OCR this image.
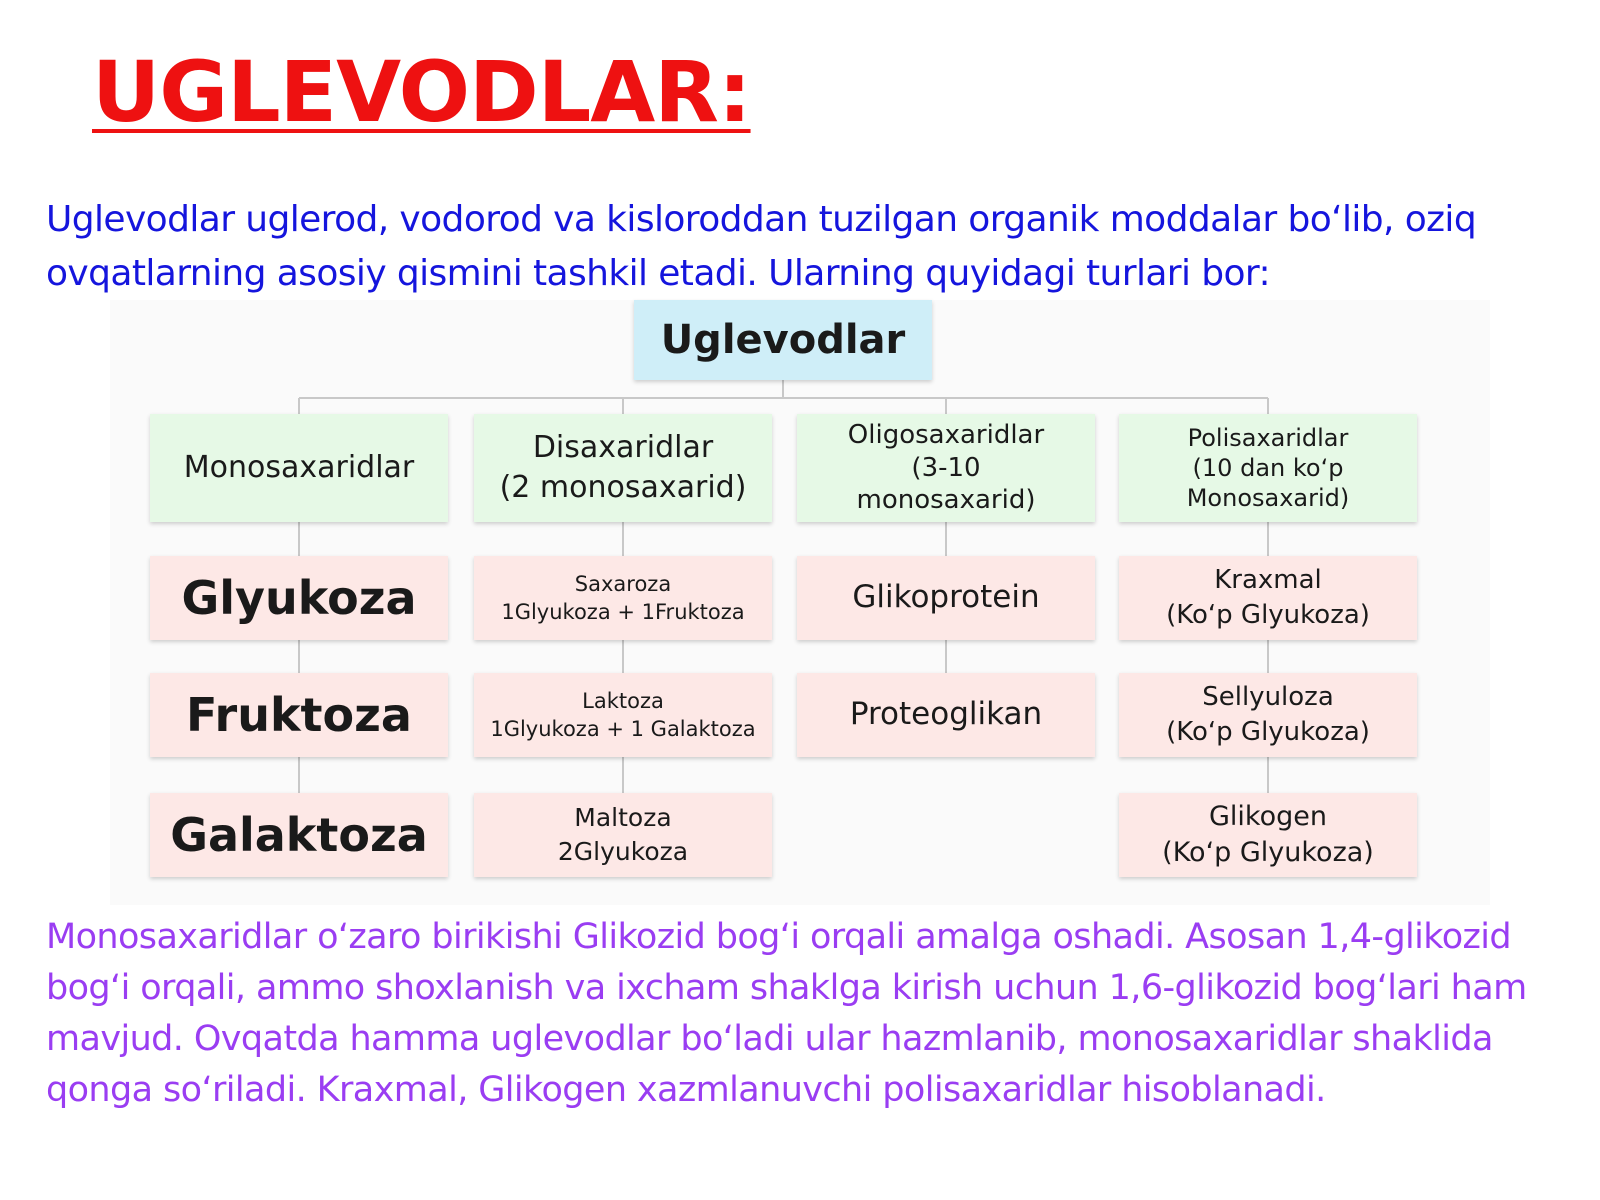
UGLEVODLAR:
Uglevodlar uglerod, vodorod va kisloroddan tuzilgan organik moddalar bo‘lib, oziq ovqatlarning asosiy qismini tashkil etadi. Ularning quyidagi turlari bor:
Uglevodlar
Monosaxaridlar
Disaxaridlar
(2 monosaxarid)
Oligosaxaridlar
(3-10
monosaxarid)
Polisaxaridlar
(10 dan ko‘p
Monosaxarid)
Glyukoza
Fruktoza
Galaktoza
Saxaroza
1Glyukoza + 1Fruktoza
Laktoza
1Glyukoza + 1 Galaktoza
Maltoza
2Glyukoza
Glikoprotein
Proteoglikan
Kraxmal
(Ko‘p Glyukoza)
Sellyuloza
(Ko‘p Glyukoza)
Glikogen
(Ko‘p Glyukoza)
Monosaxaridlar o‘zaro birikishi Glikozid bog‘i orqali amalga oshadi. Asosan 1,4-glikozid bog‘i orqali, ammo shoxlanish va ixcham shaklga kirish uchun 1,6-glikozid bog‘lari ham mavjud. Ovqatda hamma uglevodlar bo‘ladi ular hazmlanib, monosaxaridlar shaklida qonga so‘riladi. Kraxmal, Glikogen xazmlanuvchi polisaxaridlar hisoblanadi.
